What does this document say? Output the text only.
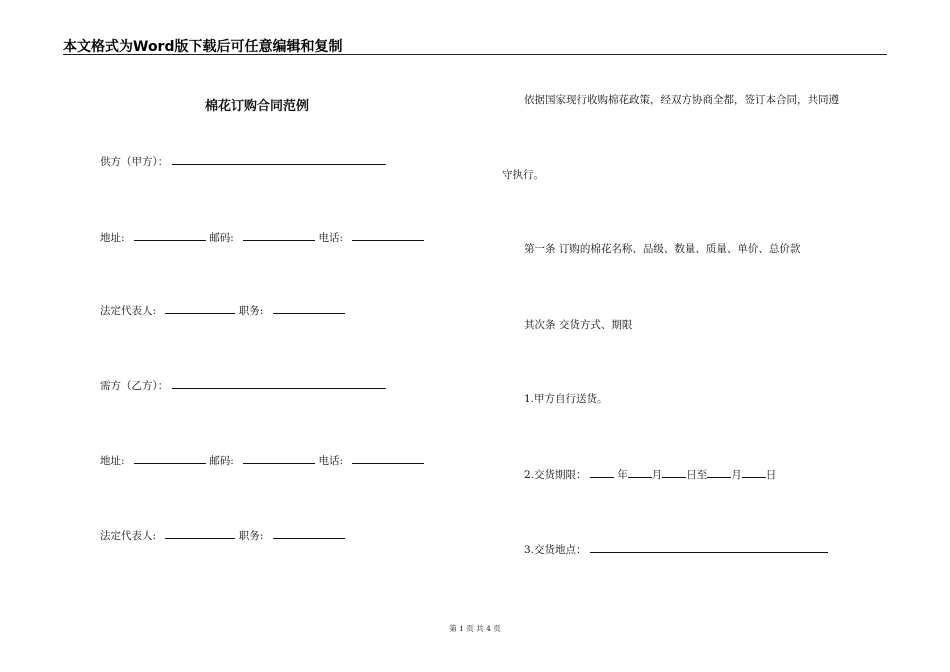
本文格式为Word版下载后可任意编辑和复制
棉花订购合同范例
供方（甲方）：
地址:	邮码:	电话:
法定代表人:	职务:
需方（乙方）：
地址:	邮码:	电话:
法定代表人:	职务:
依据国家现行收购棉花政策，经双方协商全都，签订本合同，共同遵
守执行。
第一条 订购的棉花名称、品级、数量、质量、单价、总价款
其次条 交货方式、期限
1.甲方自行送货。
2.交货期限：	年 月 日至 月 日
3.交货地点：
第 1 页 共 4 页
